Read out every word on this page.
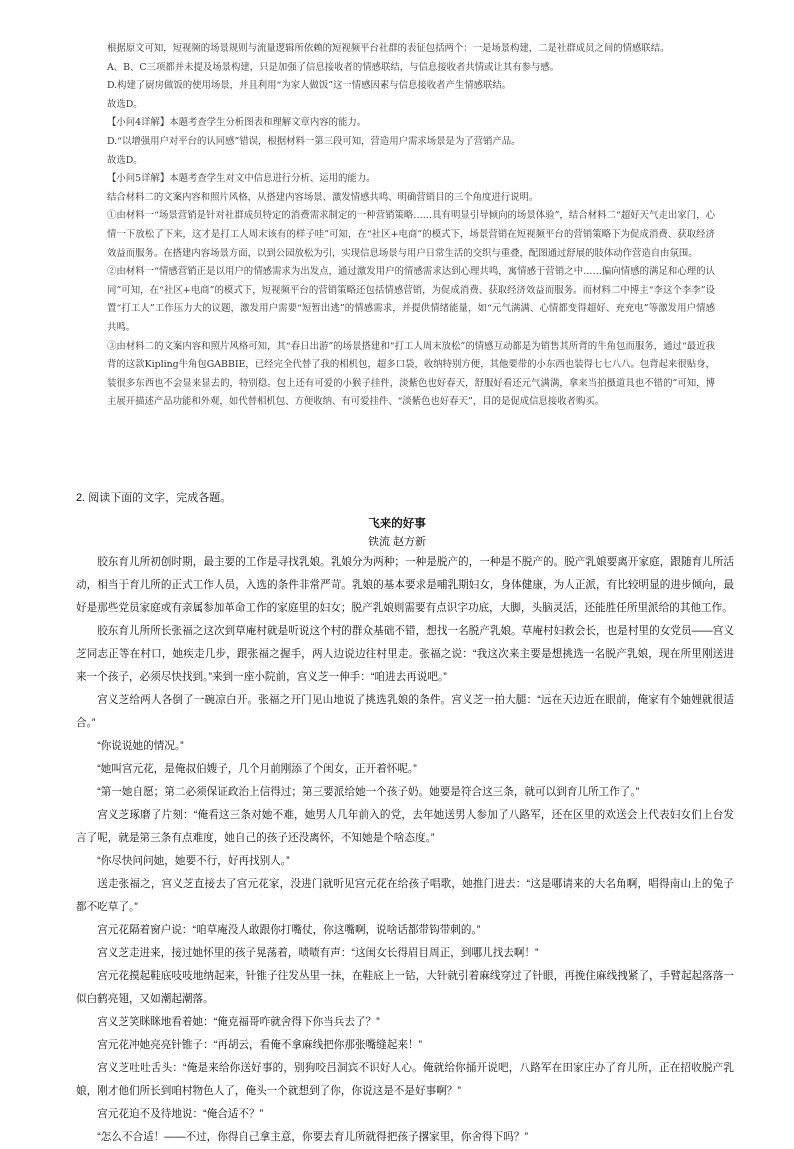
根据原文可知，短视频的场景规则与流量逻辑所依赖的短视频平台社群的表征包括两个：一是场景构建，二是社群成员之间的情感联结。

A、B、C三项都并未提及场景构建，只是加强了信息接收者的情感联结，与信息接收者共情或让其有参与感。

D.构建了厨房做饭的使用场景，并且利用“为家人做饭”这一情感因素与信息接收者产生情感联结。

故选D。

【小问4详解】本题考查学生分析图表和理解文章内容的能力。

D.“以增强用户对平台的认同感”错误，根据材料一第三段可知，营造用户需求场景是为了营销产品。

故选D。

【小问5详解】本题考查学生对文中信息进行分析、运用的能力。

结合材料二的文案内容和照片风格，从搭建内容场景、激发情感共鸣、明确营销目的三个角度进行说明。

①由材料一“场景营销是针对社群成员特定的消费需求制定的一种营销策略……具有明显引导倾向的场景体验”，结合材料二“超好天气走出家门，心情一下放松了下来，这才是打工人周末该有的样子哇”可知，在“社区+电商”的模式下，场景营销在短视频平台的营销策略下为促成消费、获取经济效益而服务。在搭建内容场景方面，以到公园放松为引，实现信息场景与用户日常生活的交织与重叠，配图通过舒展的肢体动作营造自由氛围。

②由材料一“情感营销正是以用户的情感需求为出发点，通过激发用户的情感需求达到心理共鸣，寓情感于营销之中……偏向情感的满足和心理的认同”可知，在“社区+电商”的模式下，短视频平台的营销策略还包括情感营销，为促成消费、获取经济效益而服务。而材料二中博主“李这个李李”设置“打工人”工作压力大的议题，激发用户需要“短暂出逃”的情感需求，并提供情绪能量，如“元气满满、心情都变得超好、充充电”等激发用户情感共鸣。

③由材料二的文案内容和照片风格可知，其“春日出游”的场景搭建和“打工人周末放松”的情感互动都是为销售其所背的牛角包而服务，通过“最近我背的这款Kipling牛角包GABBIE，已经完全代替了我的相机包，超多口袋，收纳特别方便，其他要带的小东西也装得七七八八。包背起来很贴身，装很多东西也不会显来显去的，特别稳。包上还有可爱的小猴子挂件，淡紫色也好春天，舒服好看还元气满满，拿来当拍摄道具也不错的”可知，博主展开描述产品功能和外观，如代替相机包、方便收纳、有可爱挂件、“淡紫色也好春天”，目的是促成信息接收者购买。

2. 阅读下面的文字，完成各题。
飞来的好事
铁流 赵方新

胶东育儿所初创时期，最主要的工作是寻找乳娘。乳娘分为两种；一种是脱产的，一种是不脱产的。脱产乳娘要离开家庭，跟随育儿所活动，相当于育儿所的正式工作人员，入选的条件非常严苛。乳娘的基本要求是哺乳期妇女，身体健康，为人正派，有比较明显的进步倾向，最好是那些党员家庭或有亲属参加革命工作的家庭里的妇女；脱产乳娘则需要有点识字功底，大脚，头脑灵活，还能胜任所里派给的其他工作。

胶东育儿所所长张福之这次到草庵村就是听说这个村的群众基础不错，想找一名脱产乳娘。草庵村妇救会长，也是村里的女党员——宫义芝同志正等在村口，她疾走几步，跟张福之握手，两人边说边往村里走。张福之说：“我这次来主要是想挑选一名脱产乳娘，现在所里刚送进来一个孩子，必须尽快找到。”来到一座小院前，宫义芝一伸手：“咱进去再说吧。”

宫义芝给两人各倒了一碗凉白开。张福之开门见山地说了挑选乳娘的条件。宫义芝一拍大腿：“远在天边近在眼前，俺家有个妯娌就很适合。”

“你说说她的情况。”

“她叫宫元花，是俺叔伯嫂子，几个月前刚添了个闺女，正开着怀呢。”

“第一她自愿；第二必须保证政治上信得过；第三要派给她一个孩子奶。她要是符合这三条，就可以到育儿所工作了。”

宫义芝琢磨了片刻：“俺看这三条对她不难，她男人几年前入的党，去年她送男人参加了八路军，还在区里的欢送会上代表妇女们上台发言了呢，就是第三条有点难度，她自己的孩子还没离怀，不知她是个啥态度。”

“你尽快问问她，她要不行，好再找别人。”

送走张福之，宫义芝直接去了宫元花家，没进门就听见宫元花在给孩子唱歌，她推门进去：“这是哪请来的大名角啊，唱得南山上的兔子都不吃草了。”

宫元花隔着窗户说：“咱草庵没人敢跟你打嘴仗，你这嘴啊，说啥话都带钩带刺的。”

宫义芝走进来，接过她怀里的孩子晃荡着，啧啧有声：“这闺女长得眉目周正，到哪儿找去啊！”

宫元花摸起鞋底吱吱地纳起来，针锥子往发丛里一抹，在鞋底上一钻，大针就引着麻线穿过了针眼，再挽住麻线拽紧了，手臂起起落落一似白鹤亮翅，又如潮起潮落。

宫义芝笑眯眯地看着她：“俺克福哥咋就舍得下你当兵去了？”

宫元花冲她亮亮针锥子：“再胡云，看俺不拿麻线把你那张嘴缝起来！”

宫义芝吐吐舌头：“俺是来给你送好事的，别狗咬吕洞宾不识好人心。俺就给你捅开说吧，八路军在田家庄办了育儿所，正在招收脱产乳娘，刚才他们所长到咱村物色人了，俺头一个就想到了你，你说这是不是好事啊？”

宫元花迫不及待地说：“俺合适不？”

“怎么不合适！——不过，你得自己拿主意，你要去育儿所就得把孩子撂家里，你舍得下吗？”
